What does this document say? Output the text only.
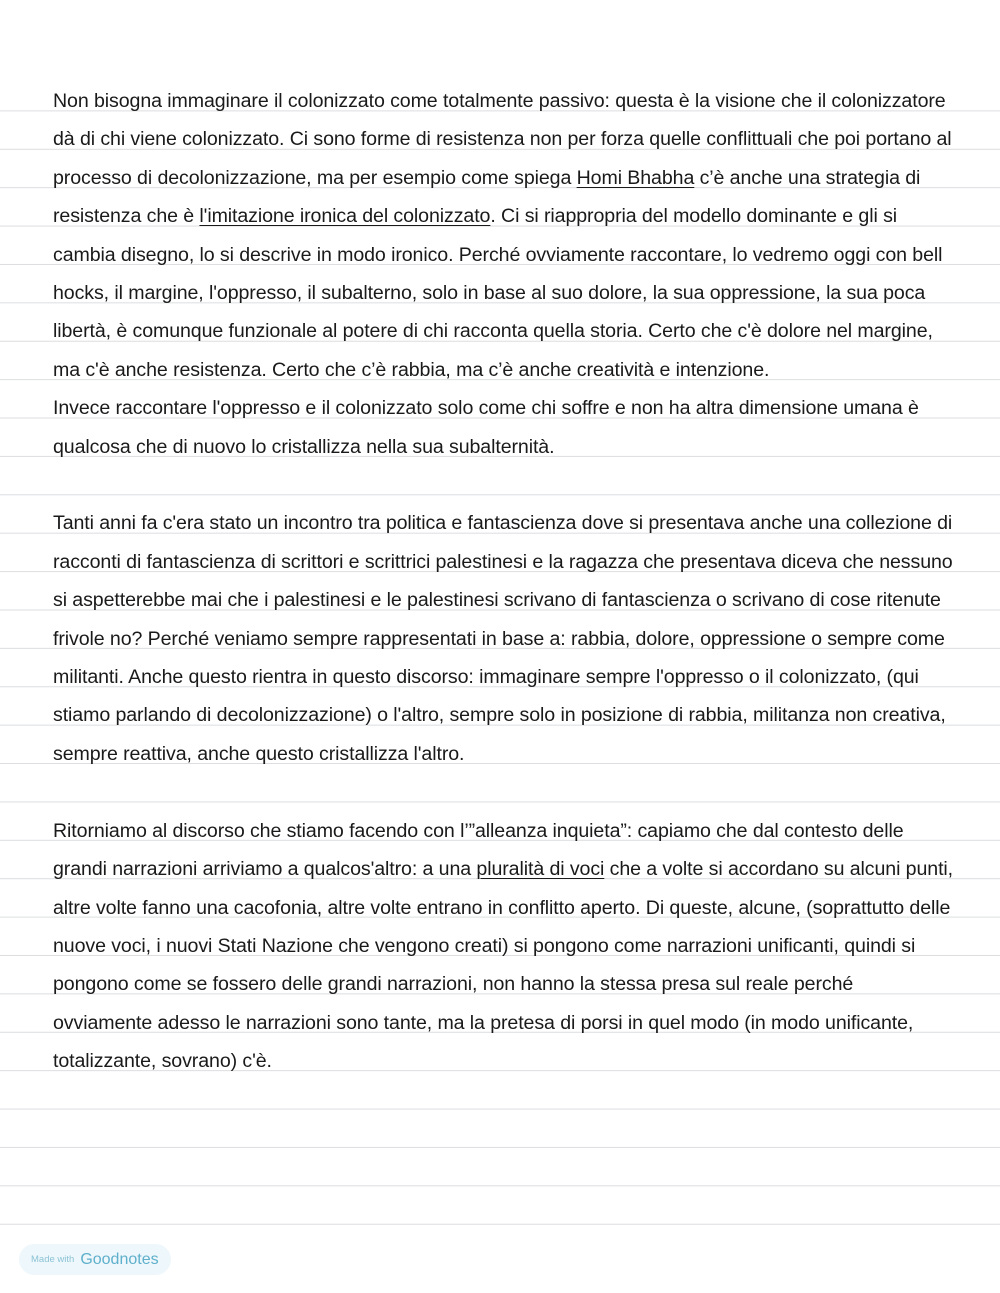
Non bisogna immaginare il colonizzato come totalmente passivo: questa è la visione che il colonizzatore dà di chi viene colonizzato. Ci sono forme di resistenza non per forza quelle conflittuali che poi portano al processo di decolonizzazione, ma per esempio come spiega Homi Bhabha c’è anche una strategia di resistenza che è l'imitazione ironica del colonizzato. Ci si riappropria del modello dominante e gli si cambia disegno, lo si descrive in modo ironico. Perché ovviamente raccontare, lo vedremo oggi con bell hocks, il margine, l'oppresso, il subalterno, solo in base al suo dolore, la sua oppressione, la sua poca libertà, è comunque funzionale al potere di chi racconta quella storia. Certo che c'è dolore nel margine, ma c'è anche resistenza. Certo che c’è rabbia, ma c’è anche creatività e intenzione.

Invece raccontare l'oppresso e il colonizzato solo come chi soffre e non ha altra dimensione umana è qualcosa che di nuovo lo cristallizza nella sua subalternità.

Tanti anni fa c'era stato un incontro tra politica e fantascienza dove si presentava anche una collezione di racconti di fantascienza di scrittori e scrittrici palestinesi e la ragazza che presentava diceva che nessuno si aspetterebbe mai che i palestinesi e le palestinesi scrivano di fantascienza o scrivano di cose ritenute frivole no? Perché veniamo sempre rappresentati in base a: rabbia, dolore, oppressione o sempre come militanti. Anche questo rientra in questo discorso: immaginare sempre l'oppresso o il colonizzato, (qui stiamo parlando di decolonizzazione) o l'altro, sempre solo in posizione di rabbia, militanza non creativa, sempre reattiva, anche questo cristallizza l'altro.

Ritorniamo al discorso che stiamo facendo con l’”alleanza inquieta”: capiamo che dal contesto delle grandi narrazioni arriviamo a qualcos'altro: a una pluralità di voci che a volte si accordano su alcuni punti, altre volte fanno una cacofonia, altre volte entrano in conflitto aperto. Di queste, alcune, (soprattutto delle nuove voci, i nuovi Stati Nazione che vengono creati) si pongono come narrazioni unificanti, quindi si pongono come se fossero delle grandi narrazioni, non hanno la stessa presa sul reale perché ovviamente adesso le narrazioni sono tante, ma la pretesa di porsi in quel modo (in modo unificante, totalizzante, sovrano) c'è.

Made with Goodnotes
